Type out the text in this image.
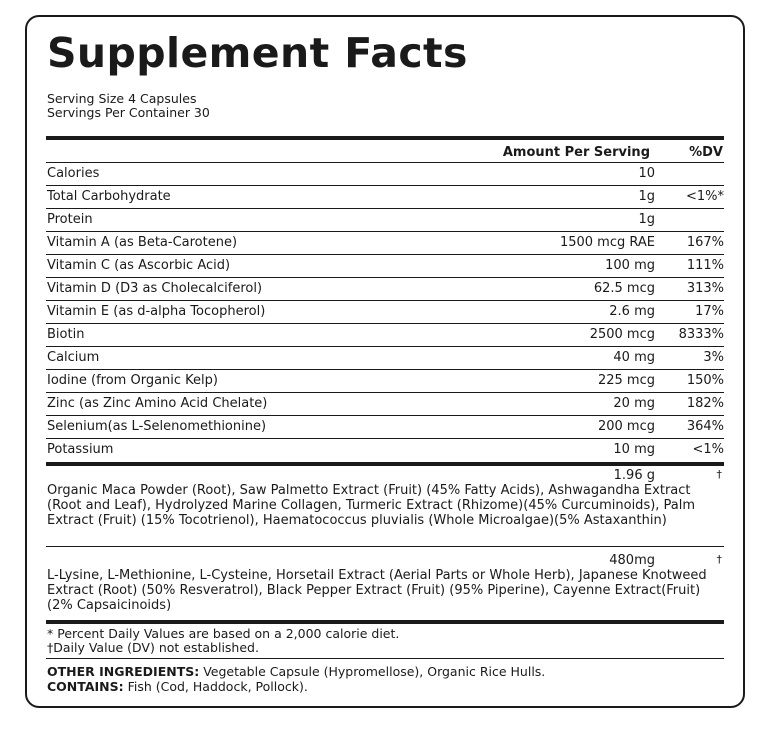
Supplement Facts
Serving Size 4 Capsules
Servings Per Container 30
Amount Per Serving	%DV
Calories	10
Total Carbohydrate	1g <1%*
Protein	1g
Vitamin A (as Beta-Carotene)	1500 mcg RAE 167%
Vitamin C (as Ascorbic Acid)	100 mg 111%
Vitamin D (D3 as Cholecalciferol)	62.5 mcg 313%
Vitamin E (as d-alpha Tocopherol)	2.6 mg	17%
Biotin	2500 mcg 8333%
Calcium	40 mg	3%
Iodine (from Organic Kelp)	225 mcg 150%
Zinc (as Zinc Amino Acid Chelate)	20 mg 182%
Selenium(as L-Selenomethionine)	200 mcg 364%
Potassium	10 mg	<1%
1.96 g	†
Organic Maca Powder (Root), Saw Palmetto Extract (Fruit) (45% Fatty Acids), Ashwagandha Extract (Root and Leaf), Hydrolyzed Marine Collagen, Turmeric Extract (Rhizome)(45% Curcuminoids), Palm Extract (Fruit) (15% Tocotrienol), Haematococcus pluvialis (Whole Microalgae)(5% Astaxanthin)
480mg	†
L-Lysine, L-Methionine, L-Cysteine, Horsetail Extract (Aerial Parts or Whole Herb), Japanese Knotweed Extract (Root) (50% Resveratrol), Black Pepper Extract (Fruit) (95% Piperine), Cayenne Extract(Fruit)(2% Capsaicinoids)
* Percent Daily Values are based on a 2,000 calorie diet.
†Daily Value (DV) not established.
OTHER INGREDIENTS: Vegetable Capsule (Hypromellose), Organic Rice Hulls.
CONTAINS: Fish (Cod, Haddock, Pollock).
